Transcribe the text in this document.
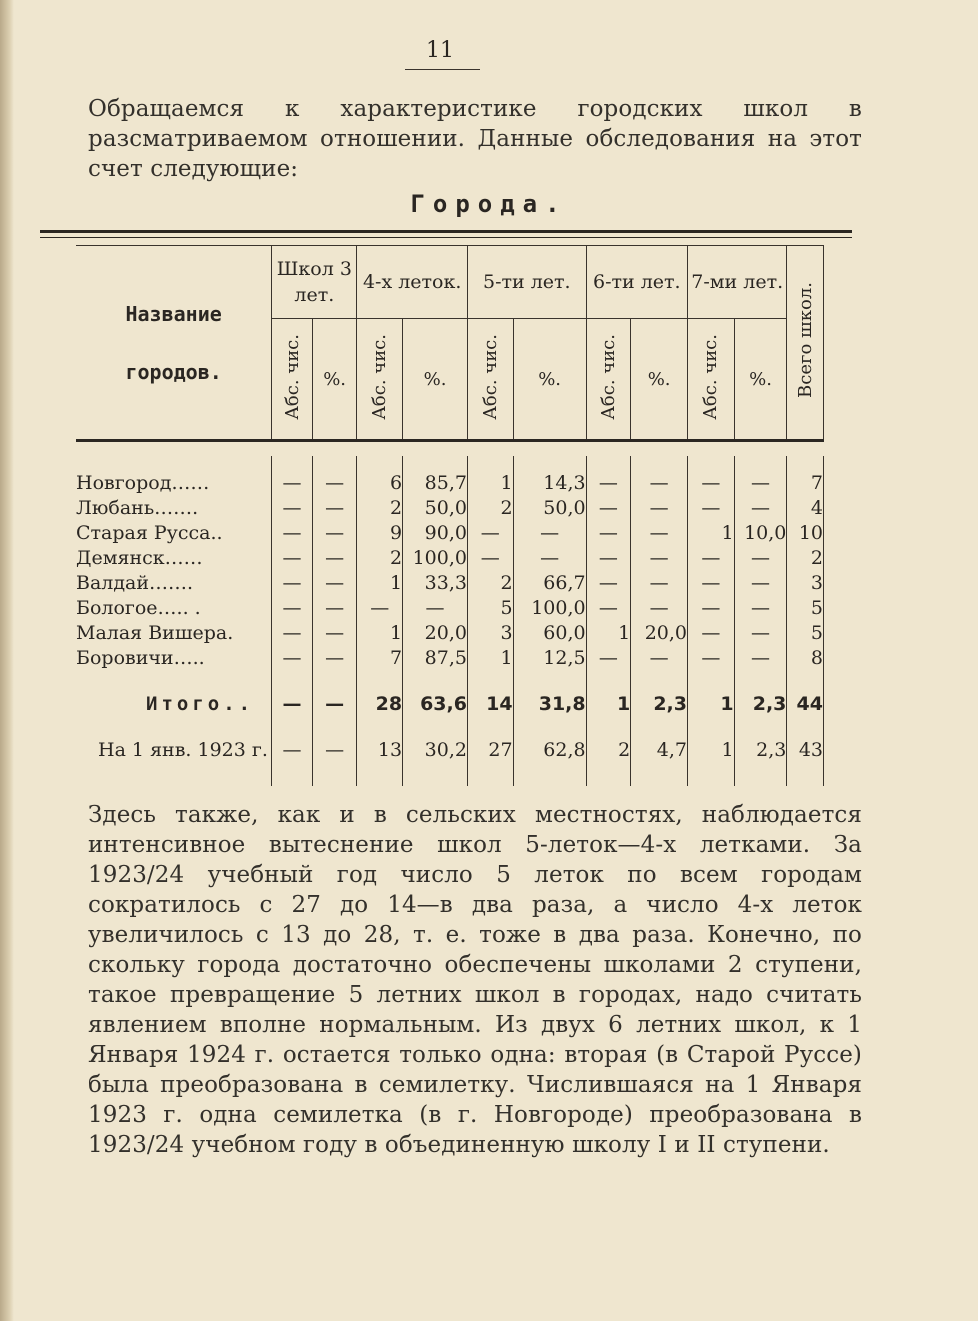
11

Обращаемся к характеристике городских школ в разсматриваемом отношении. Данные обследования на этот счет следующие:

Города.
Название городов.	Школ 3 лет.		4-х леток.		5-ти лет.		6-ти лет.		7-ми лет.		Всего школ.
	Абс. чис.	%.	Абс. чис.	%.	Абс. чис.	%.	Абс. чис.	%.	Абс. чис.	%.	

Новгород……	—	—	6	85,7	1	14,3	—	—	—	—	7
Любань…….	—	—	2	50,0	2	50,0	—	—	—	—	4
Старая Русса..	—	—	9	90,0	—	—	—	—	1	10,0	10
Демянск……	—	—	2	100,0	—	—	—	—	—	—	2
Валдай…….	—	—	1	33,3	2	66,7	—	—	—	—	3
Бологое….. .	—	—	—	—	5	100,0	—	—	—	—	5
Малая Вишера.	—	—	1	20,0	3	60,0	1	20,0	—	—	5
Боровичи…..	—	—	7	87,5	1	12,5	—	—	—	—	8

Итого..	—	—	28	63,6	14	31,8	1	2,3	1	2,3	44
На 1 янв. 1923 г.	—	—	13	30,2	27	62,8	2	4,7	1	2,3	43

Здесь также, как и в сельских местностях, наблюдается интенсивное вытеснение школ 5-леток—4-х летками. За 1923/24 учебный год число 5 леток по всем городам сократилось с 27 до 14—в два раза, а число 4-х леток увеличилось с 13 до 28, т. е. тоже в два раза. Конечно, по скольку города достаточно обеспечены школами 2 ступени, такое превращение 5 летних школ в городах, надо считать явлением вполне нормальным. Из двух 6 летних школ, к 1 Января 1924 г. остается только одна: вторая (в Старой Руссе) была преобразована в семилетку. Числившаяся на 1 Января 1923 г. одна семилетка (в г. Новгороде) преобразована в 1923/24 учебном году в объединенную школу I и II ступени.
